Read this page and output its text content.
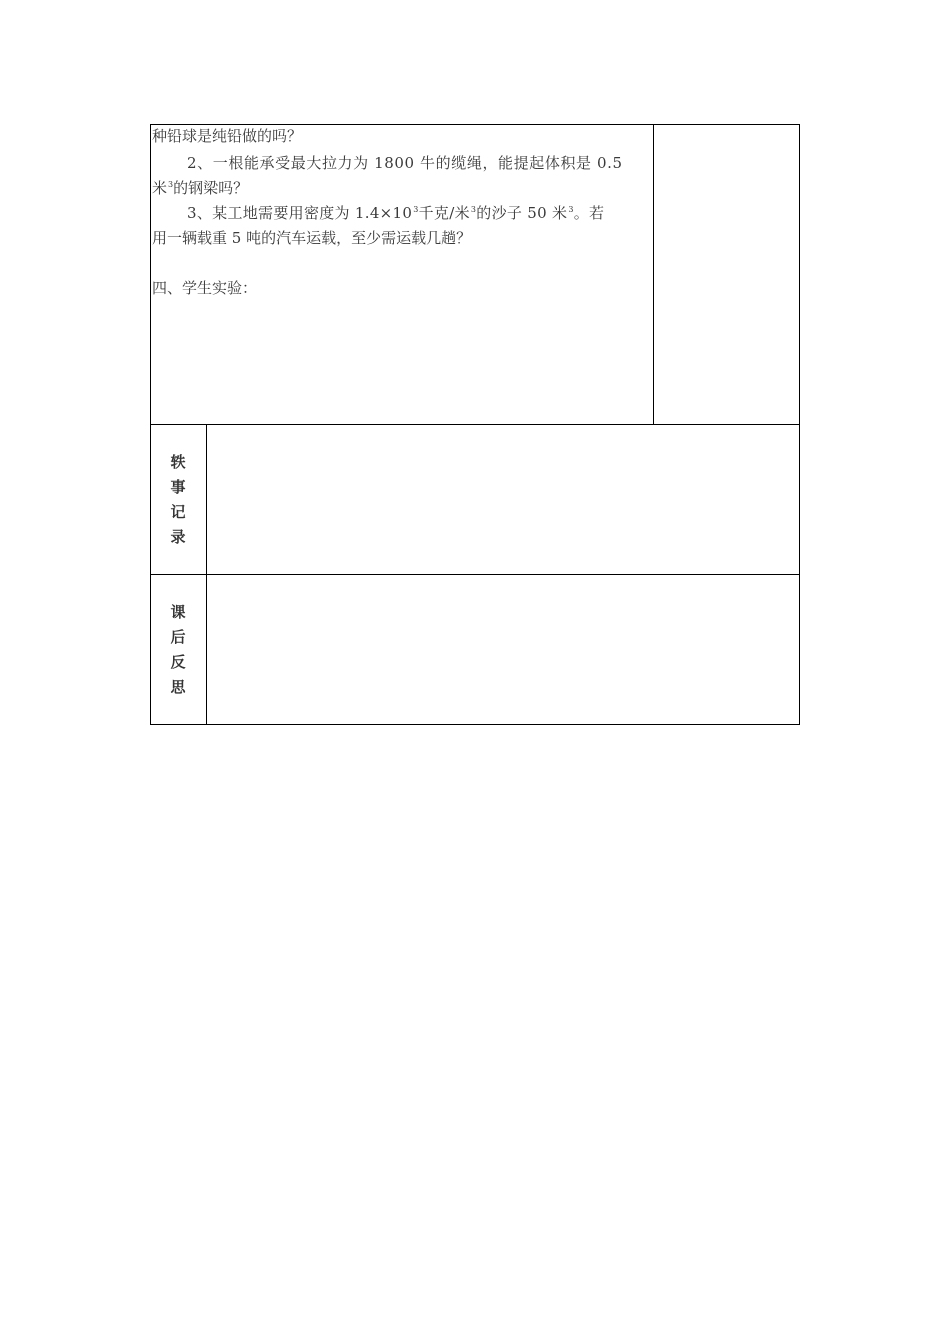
种铅球是纯铅做的吗？
2、一根能承受最大拉力为 1800 牛的缆绳，能提起体积是 0.5
米$^3$的钢梁吗？
3、某工地需要用密度为 $1.4\times 10^3$千克/米$^3$的沙子 50 米$^3$。若
用一辆载重 5 吨的汽车运载，至少需运载几趟？
四、学生实验：
轶
事
记
录
课
后
反
思
